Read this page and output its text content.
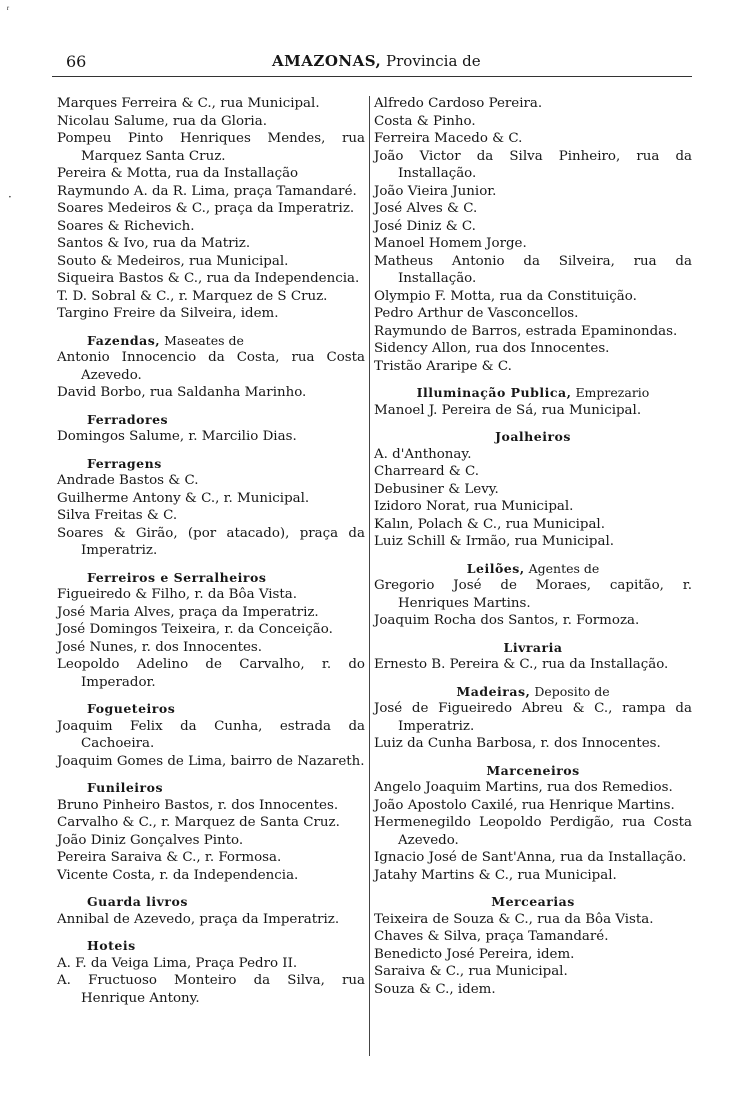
66	AMAZONAS, Provincia de
Marques Ferreira & C., rua Municipal.
Nicolau Salume, rua da Gloria.
Pompeu Pinto Henriques Mendes, rua Marquez Santa Cruz.
Pereira & Motta, rua da Installação
Raymundo A. da R. Lima, praça Tamandaré.
Soares Medeiros & C., praça da Imperatriz.
Soares & Richevich.
Santos & Ivo, rua da Matriz.
Souto & Medeiros, rua Municipal.
Siqueira Bastos & C., rua da Independencia.
T. D. Sobral & C., r. Marquez de S Cruz.
Targino Freire da Silveira, idem.
Fazendas, Maseates de
Antonio Innocencio da Costa, rua Costa Azevedo.
David Borbo, rua Saldanha Marinho.
Ferradores
Domingos Salume, r. Marcilio Dias.
Ferragens
Andrade Bastos & C.
Guilherme Antony & C., r. Municipal.
Silva Freitas & C.
Soares & Girão, (por atacado), praça da Imperatriz.
Ferreiros e Serralheiros
Figueiredo & Filho, r. da Bôa Vista.
José Maria Alves, praça da Imperatriz.
José Domingos Teixeira, r. da Conceição.
José Nunes, r. dos Innocentes.
Leopoldo Adelino de Carvalho, r. do Imperador.
Fogueteiros
Joaquim Felix da Cunha, estrada da Cachoeira.
Joaquim Gomes de Lima, bairro de Nazareth.
Funileiros
Bruno Pinheiro Bastos, r. dos Innocentes.
Carvalho & C., r. Marquez de Santa Cruz.
João Diniz Gonçalves Pinto.
Pereira Saraiva & C., r. Formosa.
Vicente Costa, r. da Independencia.
Guarda livros
Annibal de Azevedo, praça da Imperatriz.
Hoteis
A. F. da Veiga Lima, Praça Pedro II.
A. Fructuoso Monteiro da Silva, rua Henrique Antony.
Alfredo Cardoso Pereira.
Costa & Pinho.
Ferreira Macedo & C.
João Victor da Silva Pinheiro, rua da Installação.
João Vieira Junior.
José Alves & C.
José Diniz & C.
Manoel Homem Jorge.
Matheus Antonio da Silveira, rua da Installação.
Olympio F. Motta, rua da Constituição.
Pedro Arthur de Vasconcellos.
Raymundo de Barros, estrada Epaminondas.
Sidency Allon, rua dos Innocentes.
Tristão Araripe & C.
Illuminação Publica, Emprezario
Manoel J. Pereira de Sá, rua Municipal.
Joalheiros
A. d'Anthonay.
Charreard & C.
Debusiner & Levy.
Izidoro Norat, rua Municipal.
Kalın, Polach & C., rua Municipal.
Luiz Schill & Irmão, rua Municipal.
Leilões, Agentes de
Gregorio José de Moraes, capitão, r. Henriques Martins.
Joaquim Rocha dos Santos, r. Formoza.
Livraria
Ernesto B. Pereira & C., rua da Installação.
Madeiras, Deposito de
José de Figueiredo Abreu & C., rampa da Imperatriz.
Luiz da Cunha Barbosa, r. dos Innocentes.
Marceneiros
Angelo Joaquim Martins, rua dos Remedios.
João Apostolo Caxilé, rua Henrique Martins.
Hermenegildo Leopoldo Perdigão, rua Costa Azevedo.
Ignacio José de Sant'Anna, rua da Installação.
Jatahy Martins & C., rua Municipal.
Mercearias
Teixeira de Souza & C., rua da Bôa Vista.
Chaves & Silva, praça Tamandaré.
Benedicto José Pereira, idem.
Saraiva & C., rua Municipal.
Souza & C., idem.
·
